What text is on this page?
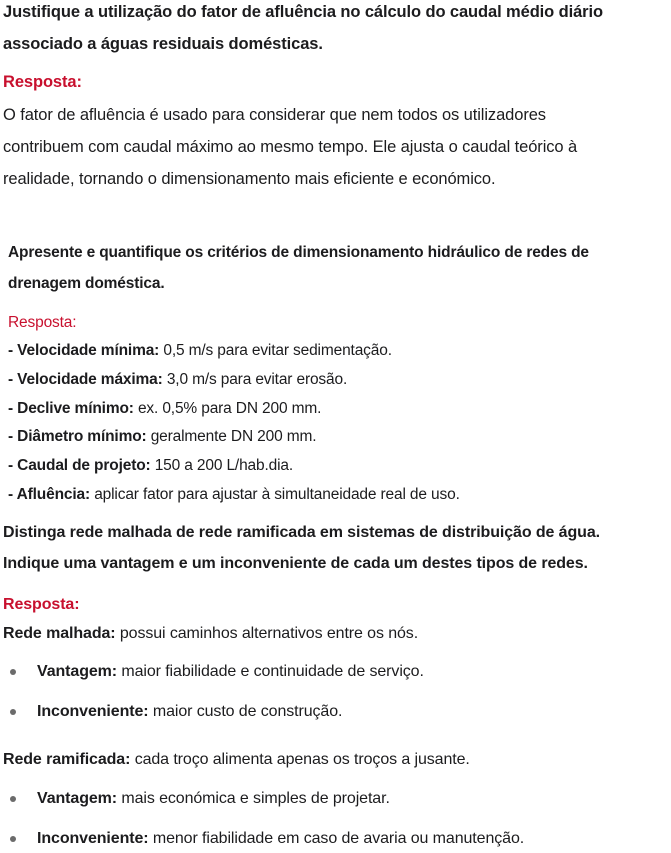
Justifique a utilização do fator de afluência no cálculo do caudal médio diário
associado a águas residuais domésticas.
Resposta:
O fator de afluência é usado para considerar que nem todos os utilizadores
contribuem com caudal máximo ao mesmo tempo. Ele ajusta o caudal teórico à
realidade, tornando o dimensionamento mais eficiente e económico.
Apresente e quantifique os critérios de dimensionamento hidráulico de redes de
drenagem doméstica.
Resposta:
- Velocidade mínima: 0,5 m/s para evitar sedimentação.
- Velocidade máxima: 3,0 m/s para evitar erosão.
- Declive mínimo: ex. 0,5% para DN 200 mm.
- Diâmetro mínimo: geralmente DN 200 mm.
- Caudal de projeto: 150 a 200 L/hab.dia.
- Afluência: aplicar fator para ajustar à simultaneidade real de uso.
Distinga rede malhada de rede ramificada em sistemas de distribuição de água.
Indique uma vantagem e um inconveniente de cada um destes tipos de redes.
Resposta:
Rede malhada: possui caminhos alternativos entre os nós.
Vantagem: maior fiabilidade e continuidade de serviço.
Inconveniente: maior custo de construção.
Rede ramificada: cada troço alimenta apenas os troços a jusante.
Vantagem: mais económica e simples de projetar.
Inconveniente: menor fiabilidade em caso de avaria ou manutenção.
